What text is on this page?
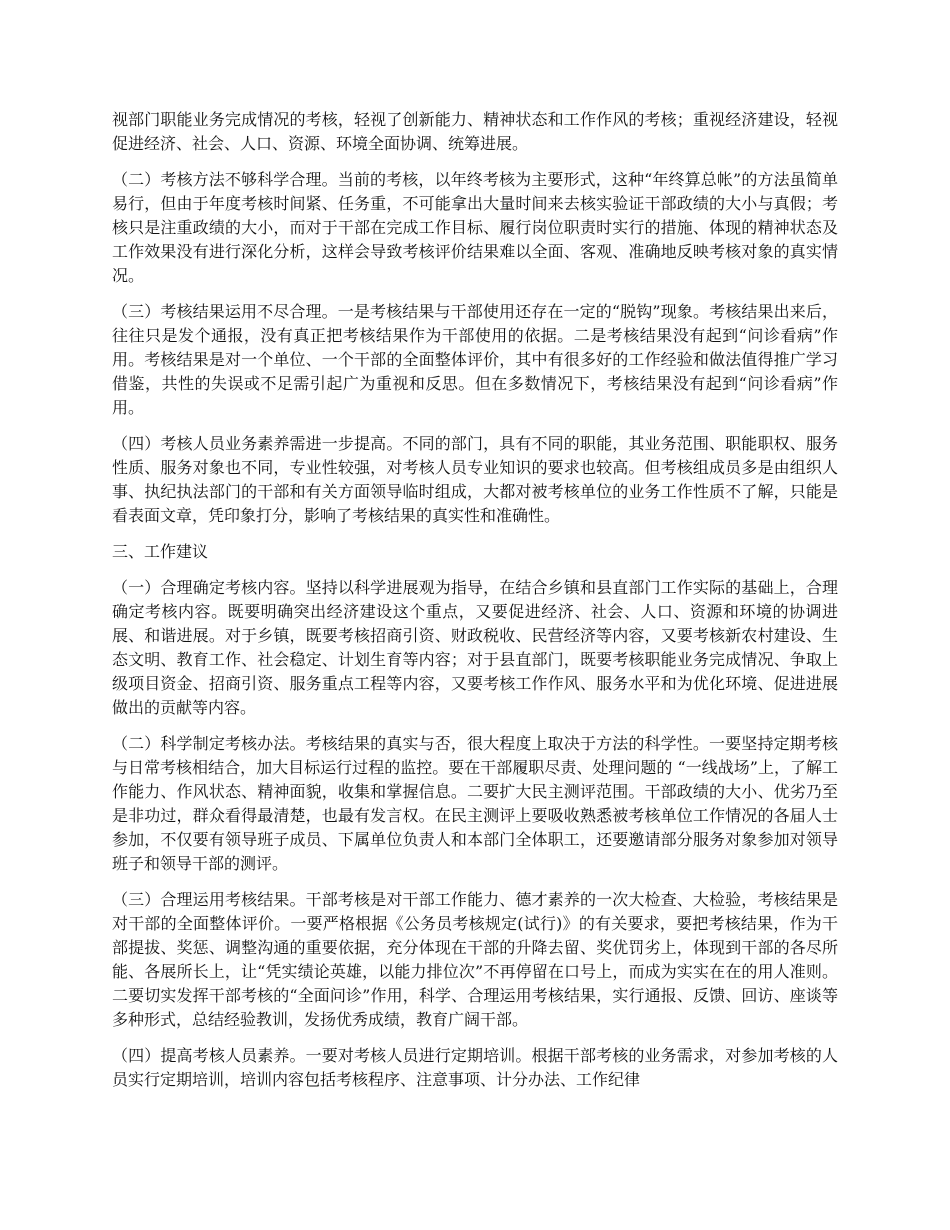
视部门职能业务完成情况的考核，轻视了创新能力、精神状态和工作作风的考核；重视经济建设，轻视促进经济、社会、人口、资源、环境全面协调、统筹进展。

（二）考核方法不够科学合理。当前的考核，以年终考核为主要形式，这种“年终算总帐”的方法虽简单易行，但由于年度考核时间紧、任务重，不可能拿出大量时间来去核实验证干部政绩的大小与真假；考核只是注重政绩的大小，而对于干部在完成工作目标、履行岗位职责时实行的措施、体现的精神状态及工作效果没有进行深化分析，这样会导致考核评价结果难以全面、客观、准确地反映考核对象的真实情况。

（三）考核结果运用不尽合理。一是考核结果与干部使用还存在一定的“脱钩”现象。考核结果出来后，往往只是发个通报，没有真正把考核结果作为干部使用的依据。二是考核结果没有起到“问诊看病”作用。考核结果是对一个单位、一个干部的全面整体评价，其中有很多好的工作经验和做法值得推广学习借鉴，共性的失误或不足需引起广为重视和反思。但在多数情况下，考核结果没有起到“问诊看病”作用。

（四）考核人员业务素养需进一步提高。不同的部门，具有不同的职能，其业务范围、职能职权、服务性质、服务对象也不同，专业性较强，对考核人员专业知识的要求也较高。但考核组成员多是由组织人事、执纪执法部门的干部和有关方面领导临时组成，大都对被考核单位的业务工作性质不了解，只能是看表面文章，凭印象打分，影响了考核结果的真实性和准确性。

三、工作建议

（一）合理确定考核内容。坚持以科学进展观为指导，在结合乡镇和县直部门工作实际的基础上，合理确定考核内容。既要明确突出经济建设这个重点，又要促进经济、社会、人口、资源和环境的协调进展、和谐进展。对于乡镇，既要考核招商引资、财政税收、民营经济等内容，又要考核新农村建设、生态文明、教育工作、社会稳定、计划生育等内容；对于县直部门，既要考核职能业务完成情况、争取上级项目资金、招商引资、服务重点工程等内容，又要考核工作作风、服务水平和为优化环境、促进进展做出的贡献等内容。

（二）科学制定考核办法。考核结果的真实与否，很大程度上取决于方法的科学性。一要坚持定期考核与日常考核相结合，加大目标运行过程的监控。要在干部履职尽责、处理问题的 “一线战场”上，了解工作能力、作风状态、精神面貌，收集和掌握信息。二要扩大民主测评范围。干部政绩的大小、优劣乃至是非功过，群众看得最清楚，也最有发言权。在民主测评上要吸收熟悉被考核单位工作情况的各届人士参加，不仅要有领导班子成员、下属单位负责人和本部门全体职工，还要邀请部分服务对象参加对领导班子和领导干部的测评。

（三）合理运用考核结果。干部考核是对干部工作能力、德才素养的一次大检查、大检验，考核结果是对干部的全面整体评价。一要严格根据《公务员考核规定(试行)》的有关要求，要把考核结果，作为干部提拔、奖惩、调整沟通的重要依据，充分体现在干部的升降去留、奖优罚劣上，体现到干部的各尽所能、各展所长上，让“凭实绩论英雄，以能力排位次”不再停留在口号上，而成为实实在在的用人准则。二要切实发挥干部考核的“全面问诊”作用，科学、合理运用考核结果，实行通报、反馈、回访、座谈等多种形式，总结经验教训，发扬优秀成绩，教育广阔干部。

（四）提高考核人员素养。一要对考核人员进行定期培训。根据干部考核的业务需求，对参加考核的人员实行定期培训，培训内容包括考核程序、注意事项、计分办法、工作纪律
